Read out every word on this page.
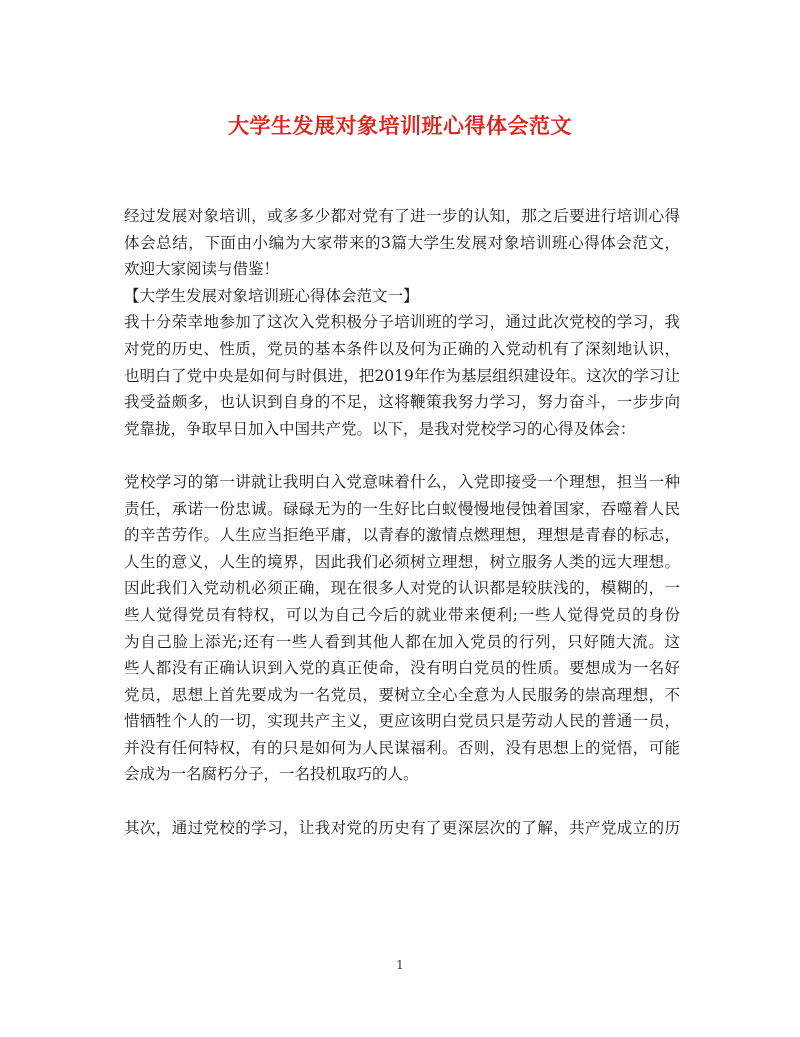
大学生发展对象培训班心得体会范文
经过发展对象培训，或多多少都对党有了进一步的认知，那之后要进行培训心得
体会总结，下面由小编为大家带来的3篇大学生发展对象培训班心得体会范文，
欢迎大家阅读与借鉴！
【大学生发展对象培训班心得体会范文一】
我十分荣幸地参加了这次入党积极分子培训班的学习，通过此次党校的学习，我
对党的历史、性质，党员的基本条件以及何为正确的入党动机有了深刻地认识，
也明白了党中央是如何与时俱进，把2019年作为基层组织建设年。这次的学习让
我受益颇多，也认识到自身的不足，这将鞭策我努力学习，努力奋斗，一步步向
党靠拢，争取早日加入中国共产党。以下，是我对党校学习的心得及体会：
党校学习的第一讲就让我明白入党意味着什么，入党即接受一个理想，担当一种
责任，承诺一份忠诚。碌碌无为的一生好比白蚁慢慢地侵蚀着国家，吞噬着人民
的辛苦劳作。人生应当拒绝平庸，以青春的激情点燃理想，理想是青春的标志，
人生的意义，人生的境界，因此我们必须树立理想，树立服务人类的远大理想。
因此我们入党动机必须正确，现在很多人对党的认识都是较肤浅的，模糊的，一
些人觉得党员有特权，可以为自己今后的就业带来便利;一些人觉得党员的身份
为自己脸上添光;还有一些人看到其他人都在加入党员的行列，只好随大流。这
些人都没有正确认识到入党的真正使命，没有明白党员的性质。要想成为一名好
党员，思想上首先要成为一名党员，要树立全心全意为人民服务的崇高理想，不
惜牺牲个人的一切，实现共产主义，更应该明白党员只是劳动人民的普通一员，
并没有任何特权，有的只是如何为人民谋福利。否则，没有思想上的觉悟，可能
会成为一名腐朽分子，一名投机取巧的人。
其次，通过党校的学习，让我对党的历史有了更深层次的了解，共产党成立的历
1
